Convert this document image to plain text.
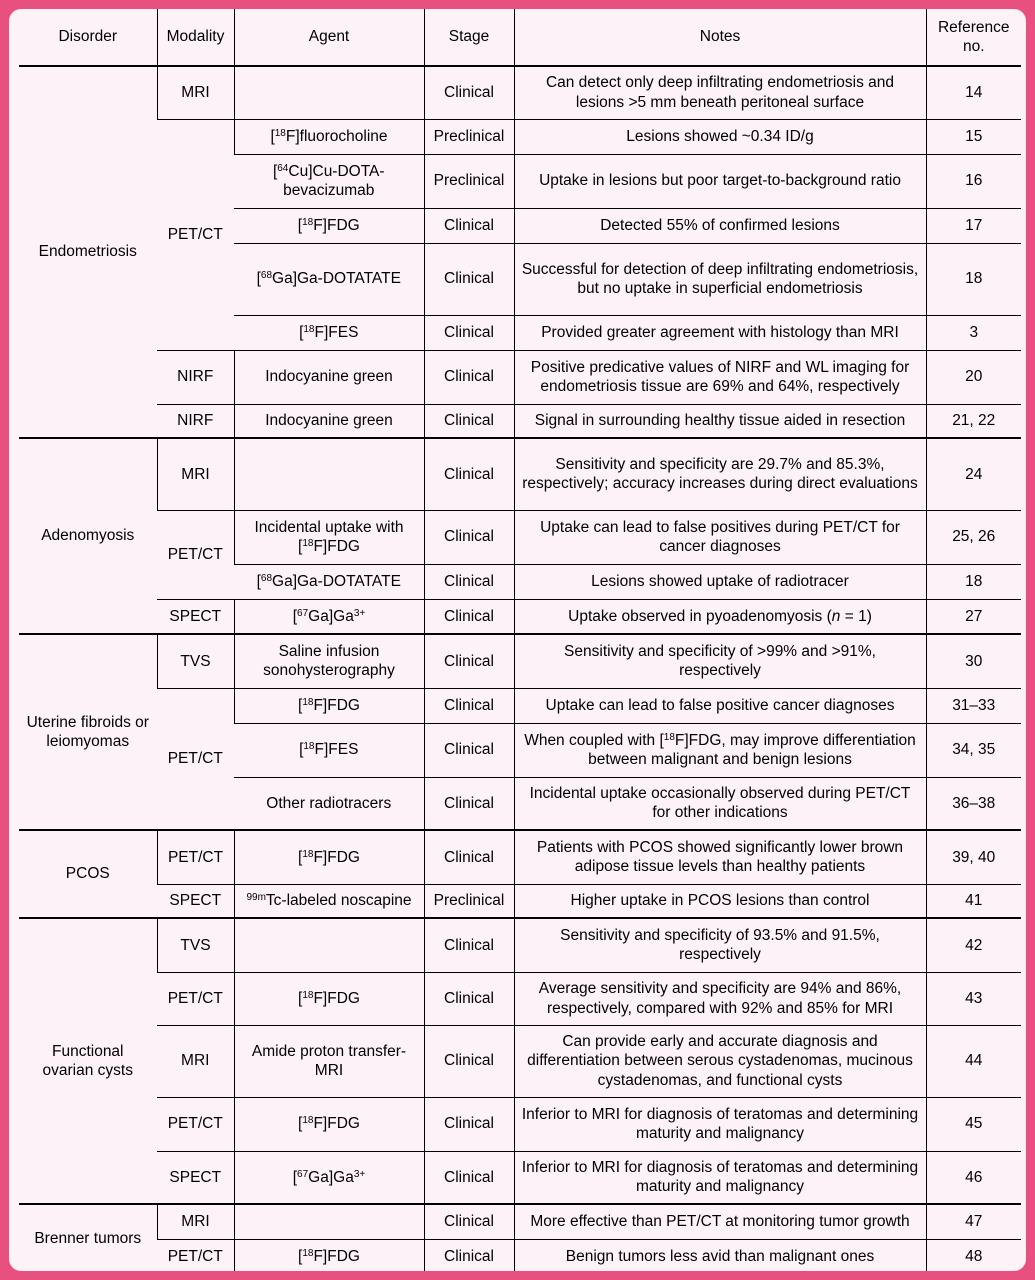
Disorder	Modality	Agent	Stage	Notes	Reference no.
Endometriosis	MRI		Clinical	Can detect only deep infiltrating endometriosis and lesions >5 mm beneath peritoneal surface	14
	PET/CT	[$^{18}$F]fluorocholine	Preclinical	Lesions showed ~0.34 ID/g	15
		[$^{64}$Cu]Cu-DOTA-bevacizumab	Preclinical	Uptake in lesions but poor target-to-background ratio	16
		[$^{18}$F]FDG	Clinical	Detected 55% of confirmed lesions	17
		[$^{68}$Ga]Ga-DOTATATE	Clinical	Successful for detection of deep infiltrating endometriosis, but no uptake in superficial endometriosis	18
		[$^{18}$F]FES	Clinical	Provided greater agreement with histology than MRI	3
	NIRF	Indocyanine green	Clinical	Positive predicative values of NIRF and WL imaging for endometriosis tissue are 69% and 64%, respectively	20
	NIRF	Indocyanine green	Clinical	Signal in surrounding healthy tissue aided in resection	21, 22
Adenomyosis	MRI		Clinical	Sensitivity and specificity are 29.7% and 85.3%, respectively; accuracy increases during direct evaluations	24
	PET/CT	Incidental uptake with [$^{18}$F]FDG	Clinical	Uptake can lead to false positives during PET/CT for cancer diagnoses	25, 26
		[$^{68}$Ga]Ga-DOTATATE	Clinical	Lesions showed uptake of radiotracer	18
	SPECT	$[^{67}Ga]Ga^{3+}$	Clinical	Uptake observed in pyoadenomyosis (n = 1)	27
Uterine fibroids or leiomyomas	TVS	Saline infusion sonohysterography	Clinical	Sensitivity and specificity of >99% and >91%, respectively	30
	PET/CT	[$^{18}$F]FDG	Clinical	Uptake can lead to false positive cancer diagnoses	31–33
		[$^{18}$F]FES	Clinical	When coupled with [$^{18}$F]FDG, may improve differentiation between malignant and benign lesions	34, 35
		Other radiotracers	Clinical	Incidental uptake occasionally observed during PET/CT for other indications	36–38
PCOS	PET/CT	[$^{18}$F]FDG	Clinical	Patients with PCOS showed significantly lower brown adipose tissue levels than healthy patients	39, 40
	SPECT	$^{99m}$Tc-labeled noscapine	Preclinical	Higher uptake in PCOS lesions than control	41
Functional ovarian cysts	TVS		Clinical	Sensitivity and specificity of 93.5% and 91.5%, respectively	42
	PET/CT	[$^{18}$F]FDG	Clinical	Average sensitivity and specificity are 94% and 86%, respectively, compared with 92% and 85% for MRI	43
	MRI	Amide proton transfer-MRI	Clinical	Can provide early and accurate diagnosis and differentiation between serous cystadenomas, mucinous cystadenomas, and functional cysts	44
	PET/CT	[$^{18}$F]FDG	Clinical	Inferior to MRI for diagnosis of teratomas and determining maturity and malignancy	45
	SPECT	$[^{67}Ga]Ga^{3+}$	Clinical	Inferior to MRI for diagnosis of teratomas and determining maturity and malignancy	46
Brenner tumors	MRI		Clinical	More effective than PET/CT at monitoring tumor growth	47
	PET/CT	[$^{18}$F]FDG	Clinical	Benign tumors less avid than malignant ones	48
